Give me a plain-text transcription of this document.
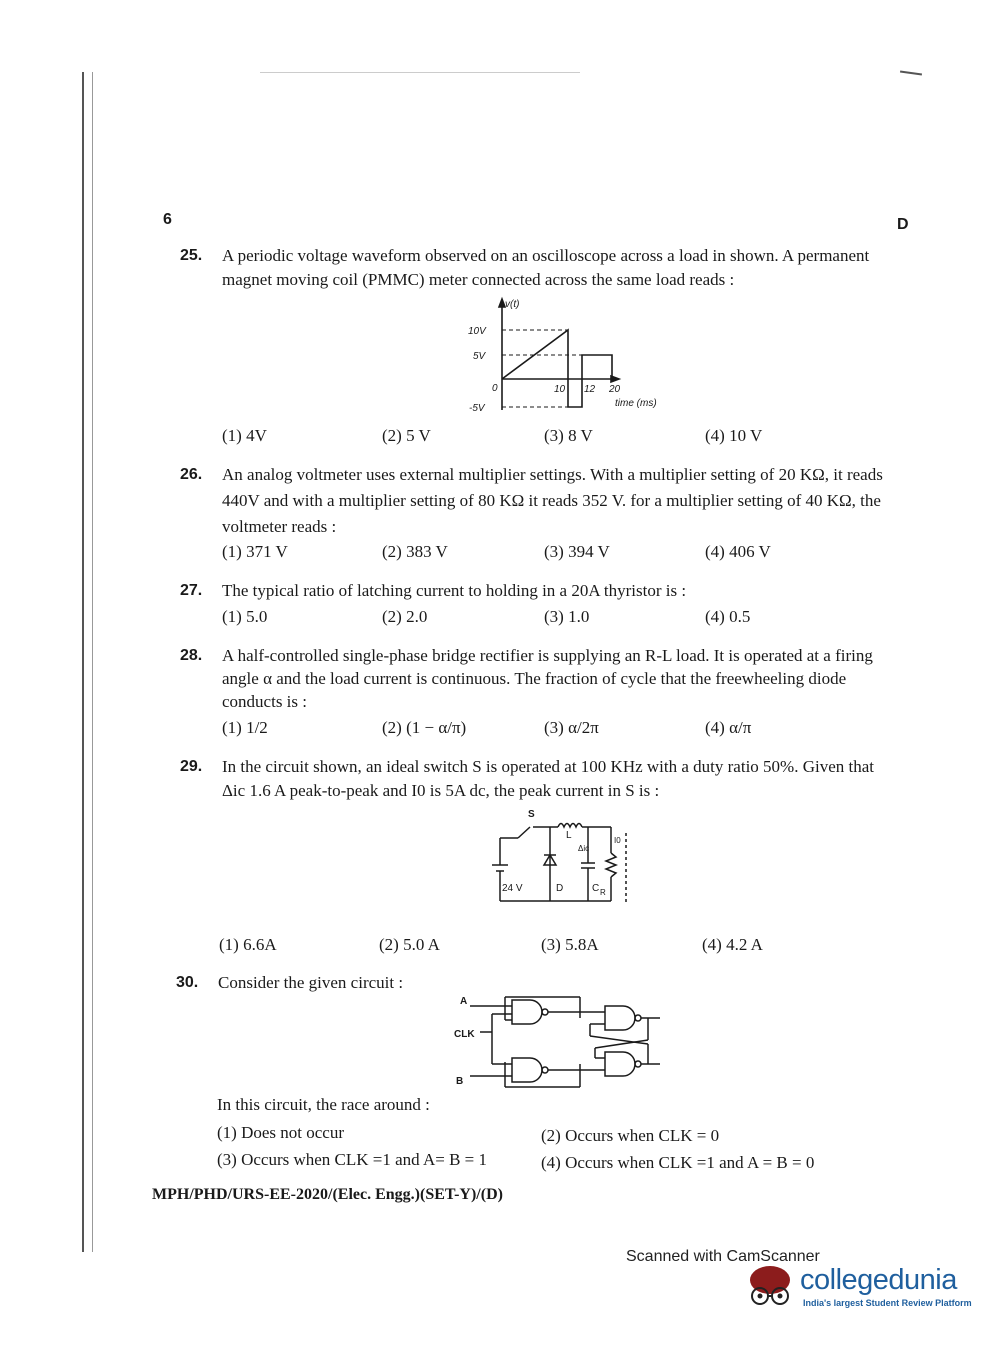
6	D
25. A periodic voltage waveform observed on an oscilloscope across a load in shown. A permanent magnet moving coil (PMMC) meter connected across the same load reads :
v(t)
10V
5V
0
-5V
10 12 20
time (ms)
(1) 4V	(2) 5 V	(3) 8 V	(4) 10 V
26. An analog voltmeter uses external multiplier settings. With a multiplier setting of 20 KΩ, it reads 440V and with a multiplier setting of 80 KΩ it reads 352 V. for a multiplier setting of 40 KΩ, the voltmeter reads :
(1) 371 V	(2) 383 V	(3) 394 V	(4) 406 V
27. The typical ratio of latching current to holding in a 20A thyristor is :
(1) 5.0	(2) 2.0	(3) 1.0	(4) 0.5
28. A half-controlled single-phase bridge rectifier is supplying an R-L load. It is operated at a firing angle α and the load current is continuous. The fraction of cycle that the freewheeling diode conducts is :
(1) 1/2	(2) (1 − α/π)	(3) α/2π	(4) α/π
29. In the circuit shown, an ideal switch S is operated at 100 KHz with a duty ratio 50%. Given that Δic 1.6 A peak-to-peak and I0 is 5A dc, the peak current in S is :
S
L
24 V	D	C
Δic
I0
R
(1) 6.6A	(2) 5.0 A	(3) 5.8A	(4) 4.2 A
30. Consider the given circuit :
A
CLK
B
In this circuit, the race around :
(1) Does not occur	(2) Occurs when CLK = 0
(3) Occurs when CLK =1 and A= B = 1	(4) Occurs when CLK =1 and A = B = 0
MPH/PHD/URS-EE-2020/(Elec. Engg.)(SET-Y)/(D)
Scanned with CamScanner
collegedunia
India's largest Student Review Platform
